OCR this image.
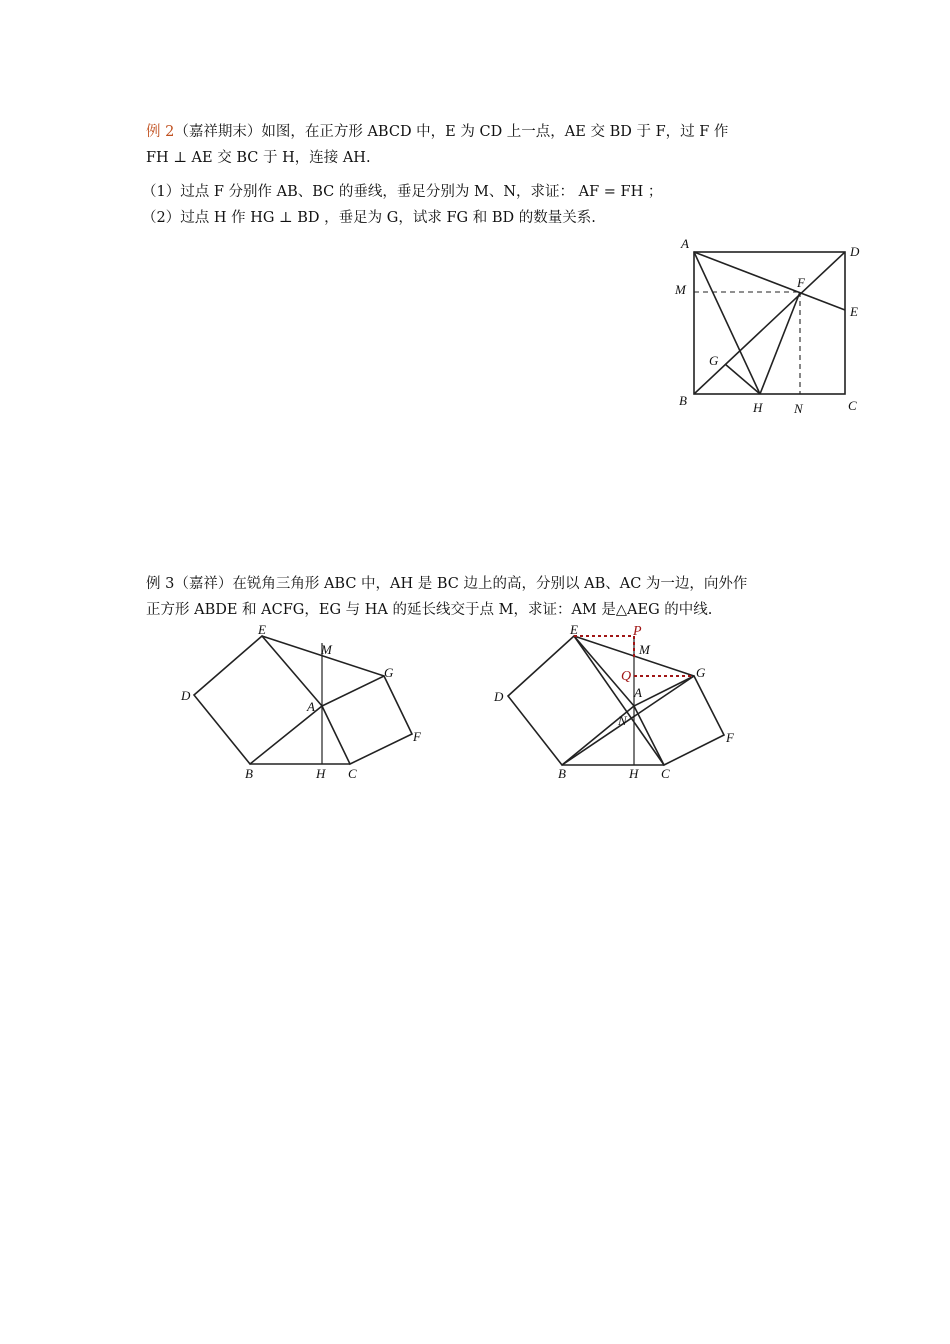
例 2（嘉祥期末）如图，在正方形 ABCD 中，E 为 CD 上一点，AE 交 BD 于 F，过 F 作
FH ⊥ AE 交 BC 于 H，连接 AH.
（1）过点 F 分别作 AB、BC 的垂线，垂足分别为 M、N，求证： AF = FH ；
（2）过点 H 作 HG ⊥ BD ，垂足为 G，试求 FG 和 BD 的数量关系.
例 3（嘉祥）在锐角三角形 ABC 中，AH 是 BC 边上的高，分别以 AB、AC 为一边，向外作
正方形 ABDE 和 ACFG，EG 与 HA 的延长线交于点 M，求证：AM 是△AEG 的中线.
A
D
M	F
E
G
B	H N	C
E
M
G
D
A
F
B	H C
E	P
M
Q	G
D	A
N
F
B	H C
